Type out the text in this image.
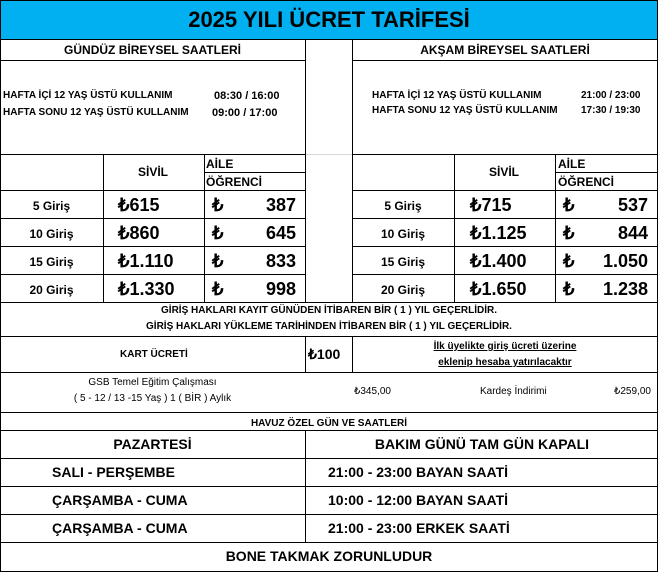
2025 YILI ÜCRET TARİFESİ
GÜNDÜZ BİREYSEL SAATLERİ	AKŞAM BİREYSEL SAATLERİ
HAFTA İÇİ 12 YAŞ ÜSTÜ KULLANIM	08:30 / 16:00
HAFTA SONU 12 YAŞ ÜSTÜ KULLANIM 09:00 / 17:00
HAFTA İÇİ 12 YAŞ ÜSTÜ KULLANIM	21:00 / 23:00
HAFTA SONU 12 YAŞ ÜSTÜ KULLANIM 17:30 / 19:30
SİVİL
AİLE
ÖĞRENCİ
SİVİL
AİLE
ÖĞRENCİ
5 Giriş	₺615	₺	387
10 Giriş	₺860	₺	645
15 Giriş	₺1.110 ₺	833
20 Giriş	₺1.330 ₺	998
5 Giriş	₺715	₺	537
10 Giriş	₺1.125 ₺	844
15 Giriş	₺1.400 ₺	1.050
20 Giriş	₺1.650 ₺	1.238
GİRİŞ HAKLARI KAYIT GÜNÜDEN İTİBAREN BİR ( 1 ) YIL GEÇERLİDİR.
GİRİŞ HAKLARI YÜKLEME TARİHİNDEN İTİBAREN BİR ( 1 ) YIL GEÇERLİDİR.
KART ÜCRETİ	₺100	İlk üyelikte giriş ücreti üzerine
eklenip hesaba yatırılacaktır
GSB Temel Eğitim Çalışması
( 5 - 12 / 13 -15 Yaş ) 1 ( BİR ) Aylık
₺345,00	Kardeş İndirimi	₺259,00
HAVUZ ÖZEL GÜN VE SAATLERİ
PAZARTESİ	BAKIM GÜNÜ TAM GÜN KAPALI
SALI - PERŞEMBE	21:00 - 23:00 BAYAN SAATİ
ÇARŞAMBA - CUMA	10:00 - 12:00 BAYAN SAATİ
ÇARŞAMBA - CUMA	21:00 - 23:00 ERKEK SAATİ
BONE TAKMAK ZORUNLUDUR
